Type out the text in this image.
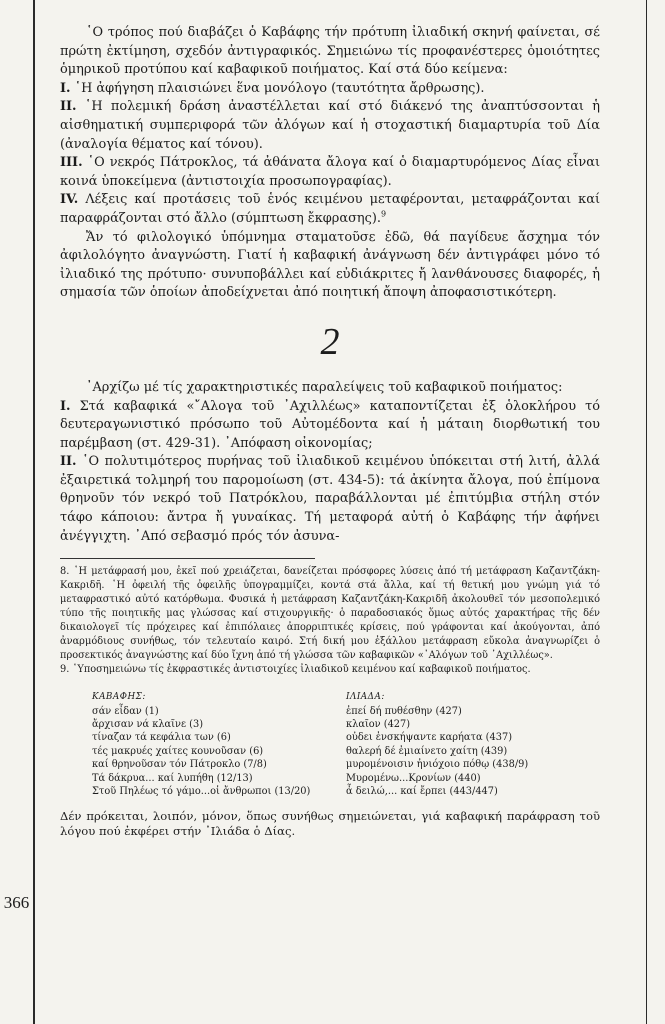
῾Ο τρόπος πού διαβάζει ὁ Καβάφης τήν πρότυπη ἰλιαδική σκηνή φαίνεται, σέ πρώτη ἐκτίμηση, σχεδόν ἀντιγραφικός. Σημειώνω τίς προφανέστερες ὁμοιότητες ὁμηρικοῦ προτύπου καί καβαφικοῦ ποιήματος. Καί στά δύο κείμενα:

I. ῾Η ἀφήγηση πλαισιώνει ἕνα μονόλογο (ταυτότητα ἄρθρωσης).

II. ῾Η πολεμική δράση ἀναστέλλεται καί στό διάκενό της ἀναπτύσσονται ἡ αἰσθηματική συμπεριφορά τῶν ἀλόγων καί ἡ στοχαστική διαμαρτυρία τοῦ Δία (ἀναλογία θέματος καί τόνου).

III. ῾Ο νεκρός Πάτροκλος, τά ἀθάνατα ἄλογα καί ὁ διαμαρτυρόμενος Δίας εἶναι κοινά ὑποκείμενα (ἀντιστοιχία προσωπογραφίας).

IV. Λέξεις καί προτάσεις τοῦ ἑνός κειμένου μεταφέρονται, μεταφράζονται καί παραφράζονται στό ἄλλο (σύμπτωση ἔκφρασης).$^9$

Ἄν τό φιλολογικό ὑπόμνημα σταματοῦσε ἐδῶ, θά παγίδευε ἄσχημα τόν ἀφιλολόγητο ἀναγνώστη. Γιατί ἡ καβαφική ἀνάγνωση δέν ἀντιγράφει μόνο τό ἰλιαδικό της πρότυπο· συνυποβάλλει καί εὐδιάκριτες ἤ λανθάνουσες διαφορές, ἡ σημασία τῶν ὁποίων ἀποδείχνεται ἀπό ποιητική ἄποψη ἀποφασιστικότερη.

2

᾿Αρχίζω μέ τίς χαρακτηριστικές παραλείψεις τοῦ καβαφικοῦ ποιήματος:

I. Στά καβαφικά «῎Αλογα τοῦ ᾿Αχιλλέως» καταποντίζεται ἐξ ὁλοκλήρου τό δευτεραγωνιστικό πρόσωπο τοῦ Αὐτομέδοντα καί ἡ μάταιη διορθωτική του παρέμβαση (στ. 429-31). ᾿Απόφαση οἰκονομίας;

II. ῾Ο πολυτιμότερος πυρήνας τοῦ ἰλιαδικοῦ κειμένου ὑπόκειται στή λιτή, ἀλλά ἐξαιρετικά τολμηρή του παρομοίωση (στ. 434-5): τά ἀκίνητα ἄλογα, πού ἐπίμονα θρηνοῦν τόν νεκρό τοῦ Πατρόκλου, παραβάλλονται μέ ἐπιτύμβια στήλη στόν τάφο κάποιου: ἄντρα ἤ γυναίκας. Τή μεταφορά αὐτή ὁ Καβάφης τήν ἀφήνει ἀνέγγιχτη. ᾿Από σεβασμό πρός τόν ἀσυνα-

8. ῾Η μετάφρασή μου, ἐκεῖ πού χρειάζεται, δανείζεται πρόσφορες λύσεις ἀπό τή μετάφραση Καζαντζάκη-Κακριδῆ. ῾Η ὀφειλή τῆς ὀφειλῆς ὑπογραμμίζει, κοντά στά ἄλλα, καί τή θετική μου γνώμη γιά τό μεταφραστικό αὐτό κατόρθωμα. Φυσικά ἡ μετάφραση Καζαντζάκη-Κακριδῆ ἀκολουθεῖ τόν μεσοπολεμικό τύπο τῆς ποιητικῆς μας γλώσσας καί στιχουργικῆς· ὁ παραδοσιακός ὅμως αὐτός χαρακτήρας τῆς δέν δικαιολογεῖ τίς πρόχειρες καί ἐπιπόλαιες ἀπορριπτικές κρίσεις, πού γράφονται καί ἀκούγονται, ἀπό ἀναρμόδιους συνήθως, τόν τελευταίο καιρό. Στή δική μου ἐξάλλου μετάφραση εὔκολα ἀναγνωρίζει ὁ προσεκτικός ἀναγνώστης καί δύο ἴχνη ἀπό τή γλώσσα τῶν καβαφικῶν «᾿Αλόγων τοῦ ᾿Αχιλλέως».

9. ῾Υποσημειώνω τίς ἐκφραστικές ἀντιστοιχίες ἰλιαδικοῦ κειμένου καί καβαφικοῦ ποιήματος.

ΚΑΒΑΦΗΣ:
σάν εἶδαν (1)
ἄρχισαν νά κλαῖνε (3)
τίναζαν τά κεφάλια των (6)
τές μακρυές χαίτες κουνοῦσαν (6)
καί θρηνοῦσαν τόν Πάτροκλο (7/8)
Τά δάκρυα... καί λυπήθη (12/13)
Στοῦ Πηλέως τό γάμο...οἱ ἄνθρωποι (13/20)
ΙΛΙΑΔΑ:
ἐπεί δή πυθέσθην (427)
κλαῖον (427)
οὐδει ἐνσκήψαντε καρήατα (437)
θαλερή δέ ἐμιαίνετο χαίτη (439)
μυρομένοισιν ἠνιόχοιο πόθῳ (438/9)
Μυρομένω...Κρονίων (440)
ἆ δειλώ,... καί ἔρπει (443/447)

Δέν πρόκειται, λοιπόν, μόνον, ὅπως συνήθως σημειώνεται, γιά καβαφική παράφραση τοῦ λόγου πού ἐκφέρει στήν ᾿Ιλιάδα ὁ Δίας.

366
